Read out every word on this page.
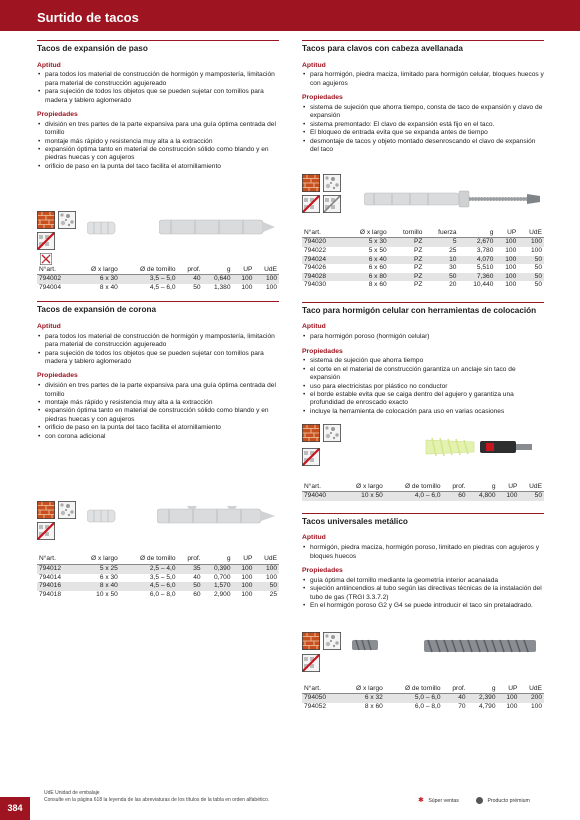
Surtido de tacos
Tacos de expansión de paso
Aptitud
• para todos los material de construcción de hormigón y mampostería, limitación para material de construcción agujereado
• para sujeción de todos los objetos que se pueden sujetar con tornillos para madera y tablero aglomerado
Propiedades
• división en tres partes de la parte expansiva para una guía óptima centrada del tornillo
• montaje más rápido y resistencia muy alta a la extracción
• expansión óptima tanto en material de construcción sólido como blando y en piedras huecas y con agujeros
• orificio de paso en la punta del taco facilita el atornillamiento
N°art.	Ø x largo	Ø de tornillo	prof.	g	UP	UdE
794002	6 x 30	3,5 – 5,0	40	0,640	100	100
794004	8 x 40	4,5 – 6,0	50	1,380	100	100
Tacos de expansión de corona
Aptitud
• para todos los material de construcción de hormigón y mampostería, limitación para material de construcción agujereado
• para sujeción de todos los objetos que se pueden sujetar con tornillos para madera y tablero aglomerado
Propiedades
• división en tres partes de la parte expansiva para una guía óptima centrada del tornillo
• montaje más rápido y resistencia muy alta a la extracción
• expansión óptima tanto en material de construcción sólido como blando y en piedras huecas y con agujeros
• orificio de paso en la punta del taco facilita el atornillamiento
• con corona adicional
N°art.	Ø x largo	Ø de tornillo	prof.	g	UP	UdE
794012	5 x 25	2,5 – 4,0	35	0,390	100	100
794014	6 x 30	3,5 – 5,0	40	0,700	100	100
794016	8 x 40	4,5 – 6,0	50	1,570	100	50
794018	10 x 50	6,0 – 8,0	60	2,900	100	25
Tacos para clavos con cabeza avellanada
Aptitud
• para hormigón, piedra maciza, limitado para hormigón celular, bloques huecos y con agujeros
Propiedades
• sistema de sujeción que ahorra tiempo, consta de taco de expansión y clavo de expansión
• sistema premontado: El clavo de expansión está fijo en el taco.
• El bloqueo de entrada evita que se expanda antes de tiempo
• desmontaje de tacos y objeto montado desenroscando el clavo de expansión del taco
N°art.	Ø x largo	tornillo	fuerza	g	UP	UdE
794020	5 x 30	PZ	5	2,670	100	100
794022	5 x 50	PZ	25	3,780	100	100
794024	6 x 40	PZ	10	4,070	100	50
794026	6 x 60	PZ	30	5,510	100	50
794028	6 x 80	PZ	50	7,360	100	50
794030	8 x 60	PZ	20	10,440	100	50
Taco para hormigón celular con herramientas de colocación
Aptitud
• para hormigón poroso (hormigón celular)
Propiedades
• sistema de sujeción que ahorra tiempo
• el corte en el material de construcción garantiza un anclaje sin taco de expansión
• uso para electricistas por plástico no conductor
• el borde estable evita que se caiga dentro del agujero y garantiza una profundidad de enroscado exacto
• incluye la herramienta de colocación para uso en varias ocasiones
N°art.	Ø x largo	Ø de tornillo	prof.	g	UP	UdE
794040	10 x 50	4,0 – 6,0	60	4,800	100	50
Tacos universales metálico
Aptitud
• hormigón, piedra maciza, hormigón poroso, limitado en piedras con agujeros y bloques huecos
Propiedades
• guía óptima del tornillo mediante la geometría interior acanalada
• sujeción antiincendios al tubo según las directivas técnicas de la instalación del tubo de gas (TRGI 3.3.7.2)
• En el hormigón poroso G2 y G4 se puede introducir el taco sin pretaladrado.
N°art.	Ø x largo	Ø de tornillo	prof.	g	UP	UdE
794050	6 x 32	5,0 – 6,0	40	2,390	100	200
794052	8 x 60	6,0 – 8,0	70	4,790	100	100
384
UdE Unidad de embalaje
Consulte en la página 618 la leyenda de las abreviaturas de los títulos de la tabla en orden alfabético.	✱ Súper ventas	Producto prémium
